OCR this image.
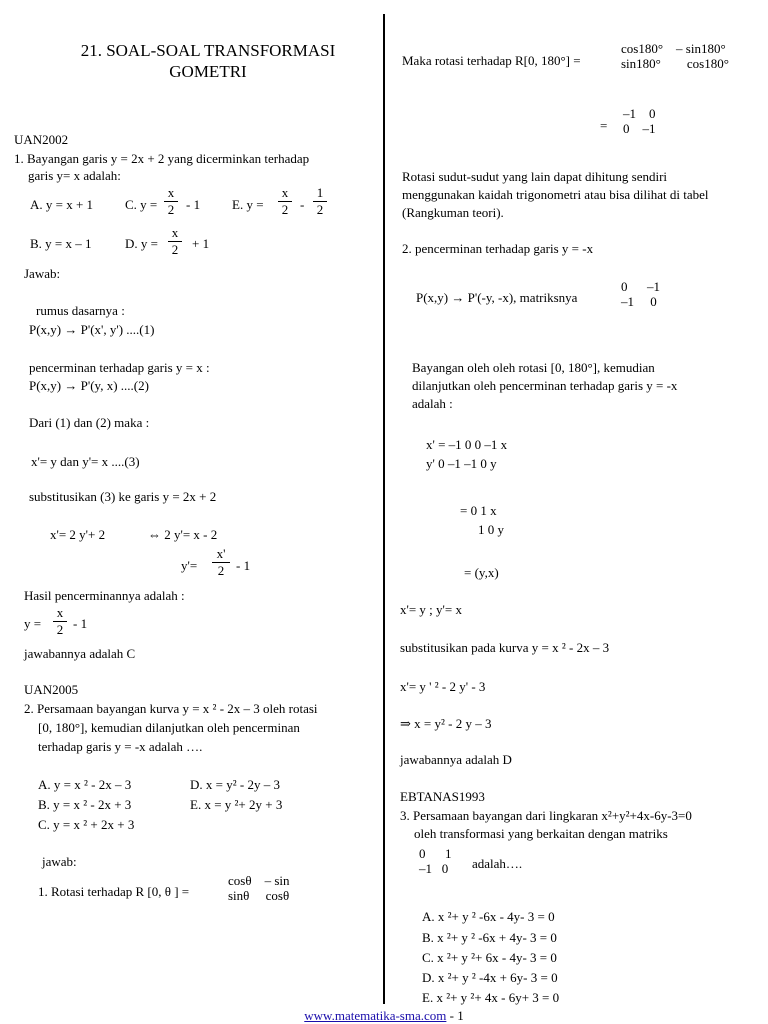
21. SOAL-SOAL TRANSFORMASI
GOMETRI
UAN2002
1. Bayangan garis y = 2x + 2 yang dicerminkan terhadap
garis y= x adalah:
A. y = x + 1 C. y =
x
2 - 1 E. y =
x
2 -
1
2
B. y = x – 1	D. y =
x
2 + 1
Jawab:
rumus dasarnya :
P(x,y) → P'(x', y') ....(1)
pencerminan terhadap garis y = x :
P(x,y) → P'(y, x) ....(2)
Dari (1) dan (2) maka :
x'= y dan y'= x ....(3)
substitusikan (3) ke garis y = 2x + 2
x'= 2 y'+ 2	⇔ 2 y'= x - 2
y'=
x'
2 - 1
Hasil pencerminannya adalah :
y =
x
2 - 1
jawabannya adalah C
UAN2005
2. Persamaan bayangan kurva y = x ² - 2x – 3 oleh rotasi
[0, 180°], kemudian dilanjutkan oleh pencerminan
terhadap garis y = -x adalah ….
A. y = x ² - 2x – 3	D. x = y² - 2y – 3
B. y = x ² - 2x + 3	E. x = y ²+ 2y + 3
C. y = x ² + 2x + 3
jawab:
1. Rotasi terhadap R [0, θ ] =
cosθ – sin
sinθ cosθ
Maka rotasi terhadap R[0, 180°] =
cos180° – sin180°
sin180° cos180°
=
–1 0
0 –1
Rotasi sudut-sudut yang lain dapat dihitung sendiri
menggunakan kaidah trigonometri atau bisa dilihat di tabel
(Rangkuman teori).
2. pencerminan terhadap garis y = -x
P(x,y) → P'(-y, -x), matriksnya
0 –1
–1 0
Bayangan oleh oleh rotasi [0, 180°], kemudian
dilanjutkan oleh pencerminan terhadap garis y = -x
adalah :
x' = –1 0 0 –1 x
y' 0 –1 –1 0 y
= 0 1 x
1 0 y
= (y,x)
x'= y ; y'= x
substitusikan pada kurva y = x ² - 2x – 3
x'= y ' ² - 2 y' - 3
⇒ x = y² - 2 y – 3
jawabannya adalah D
EBTANAS1993
3. Persamaan bayangan dari lingkaran x²+y²+4x-6y-3=0
oleh transformasi yang berkaitan dengan matriks
0 1
–1 0 adalah….
A. x ²+ y ² -6x - 4y- 3 = 0
B. x ²+ y ² -6x + 4y- 3 = 0
C. x ²+ y ²+ 6x - 4y- 3 = 0
D. x ²+ y ² -4x + 6y- 3 = 0
E. x ²+ y ²+ 4x - 6y+ 3 = 0
www.matematika-sma.com - 1
